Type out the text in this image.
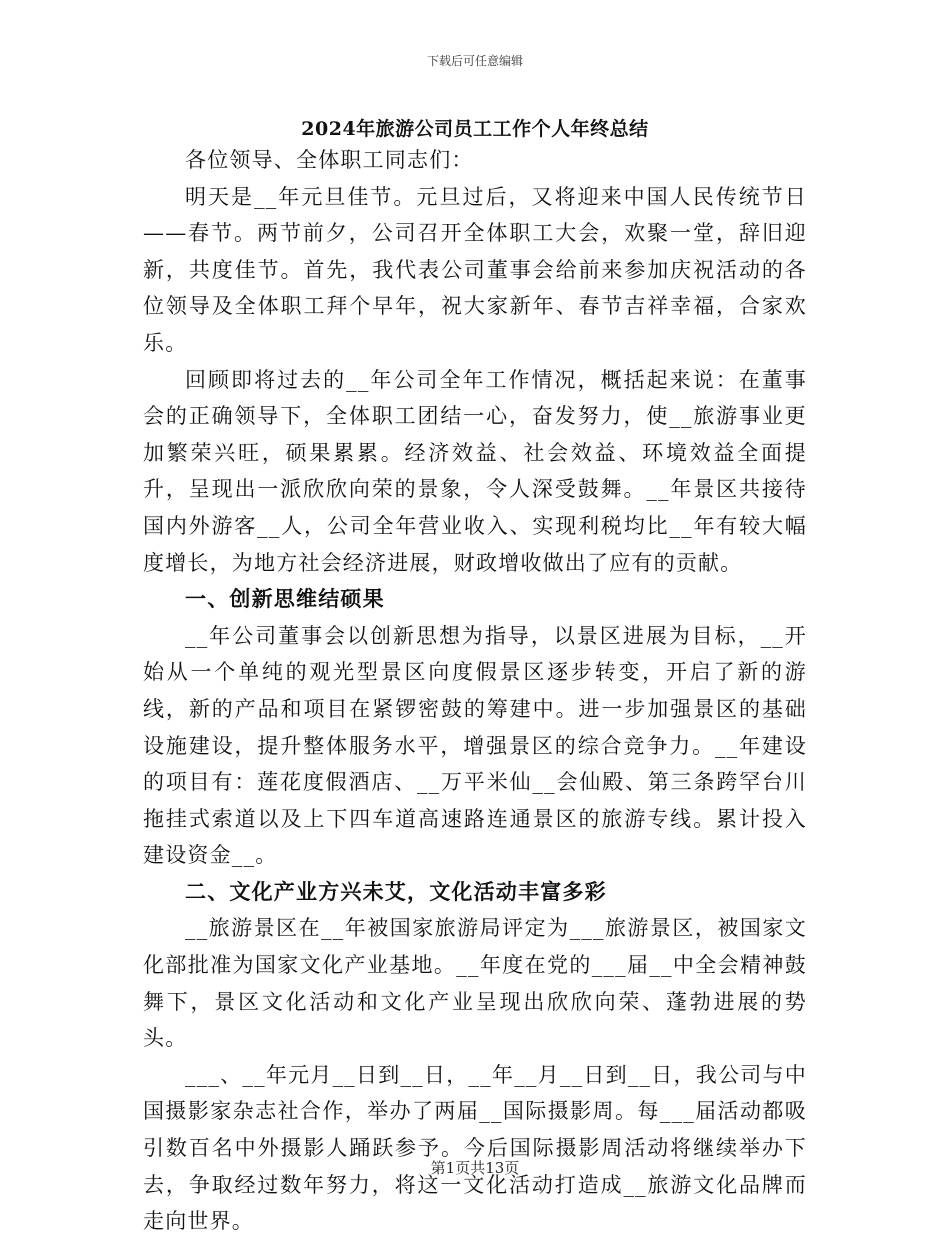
下载后可任意编辑
2024年旅游公司员工工作个人年终总结

各位领导、全体职工同志们：

明天是__年元旦佳节。元旦过后，又将迎来中国人民传统节日——春节。两节前夕，公司召开全体职工大会，欢聚一堂，辞旧迎新，共度佳节。首先，我代表公司董事会给前来参加庆祝活动的各位领导及全体职工拜个早年，祝大家新年、春节吉祥幸福，合家欢乐。

回顾即将过去的__年公司全年工作情况，概括起来说：在董事会的正确领导下，全体职工团结一心，奋发努力，使__旅游事业更加繁荣兴旺，硕果累累。经济效益、社会效益、环境效益全面提升，呈现出一派欣欣向荣的景象，令人深受鼓舞。__年景区共接待国内外游客__人，公司全年营业收入、实现利税均比__年有较大幅度增长，为地方社会经济进展，财政增收做出了应有的贡献。

一、创新思维结硕果

__年公司董事会以创新思想为指导，以景区进展为目标，__开始从一个单纯的观光型景区向度假景区逐步转变，开启了新的游线，新的产品和项目在紧锣密鼓的筹建中。进一步加强景区的基础设施建设，提升整体服务水平，增强景区的综合竞争力。__年建设的项目有：莲花度假酒店、__万平米仙__会仙殿、第三条跨罕台川拖挂式索道以及上下四车道高速路连通景区的旅游专线。累计投入建设资金__。

二、文化产业方兴未艾，文化活动丰富多彩

__旅游景区在__年被国家旅游局评定为___旅游景区，被国家文化部批准为国家文化产业基地。__年度在党的___届__中全会精神鼓舞下，景区文化活动和文化产业呈现出欣欣向荣、蓬勃进展的势头。

___、__年元月__日到__日，__年__月__日到__日，我公司与中国摄影家杂志社合作，举办了两届__国际摄影周。每___届活动都吸引数百名中外摄影人踊跃参予。今后国际摄影周活动将继续举办下去，争取经过数年努力，将这一文化活动打造成__旅游文化品牌而走向世界。

第1页共13页
